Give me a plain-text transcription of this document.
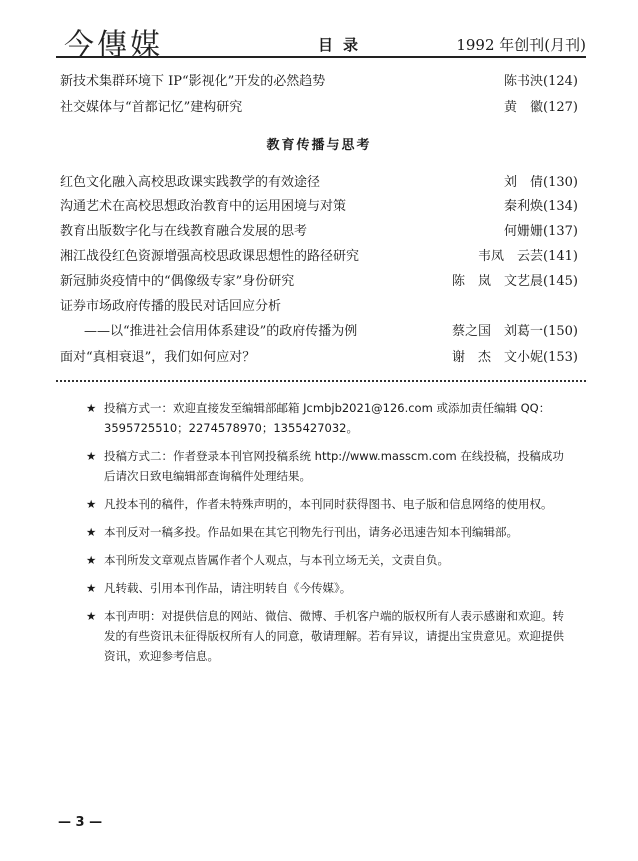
今傳媒	目录	1992 年创刊(月刊)
新技术集群环境下 IP“影视化”开发的必然趋势	陈书泱(124)
社交媒体与“首都记忆”建构研究	黄　徽(127)
教育传播与思考
红色文化融入高校思政课实践教学的有效途径	刘　倩(130)
沟通艺术在高校思想政治教育中的运用困境与对策	秦利焕(134)
教育出版数字化与在线教育融合发展的思考	何姗姗(137)
湘江战役红色资源增强高校思政课思想性的路径研究	韦凤　云芸(141)
新冠肺炎疫情中的“偶像级专家”身份研究	陈　岚　文艺晨(145)
证券市场政府传播的股民对话回应分析
——以“推进社会信用体系建设”的政府传播为例	蔡之国　刘葛一(150)
面对“真相衰退”，我们如何应对？	谢　杰　文小妮(153)
★ 投稿方式一：欢迎直接发至编辑部邮箱 Jcmbjb2021@126.com 或添加责任编辑 QQ：3595725510；2274578970；1355427032。
★ 投稿方式二：作者登录本刊官网投稿系统 http://www.masscm.com 在线投稿，投稿成功后请次日致电编辑部查询稿件处理结果。
★ 凡投本刊的稿件，作者未特殊声明的，本刊同时获得图书、电子版和信息网络的使用权。
★ 本刊反对一稿多投。作品如果在其它刊物先行刊出，请务必迅速告知本刊编辑部。
★ 本刊所发文章观点皆属作者个人观点，与本刊立场无关，文责自负。
★ 凡转载、引用本刊作品，请注明转自《今传媒》。
★ 本刊声明：对提供信息的网站、微信、微博、手机客户端的版权所有人表示感谢和欢迎。转发的有些资讯未征得版权所有人的同意，敬请理解。若有异议，请提出宝贵意见。欢迎提供资讯，欢迎参考信息。
— 3 —
